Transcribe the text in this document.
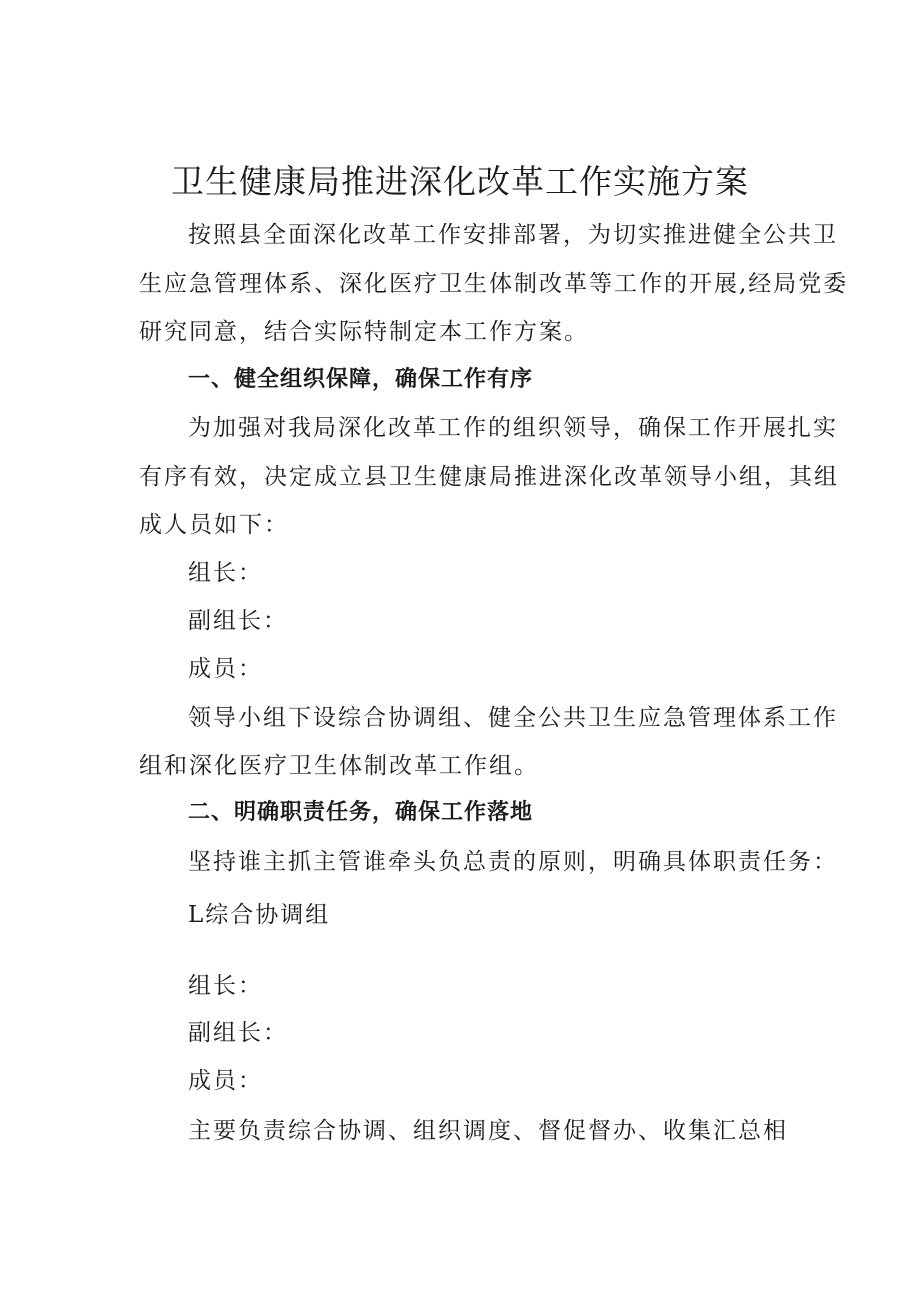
卫生健康局推进深化改革工作实施方案
按照县全面深化改革工作安排部署，为切实推进健全公共卫
生应急管理体系、深化医疗卫生体制改革等工作的开展,经局党委
研究同意，结合实际特制定本工作方案。
一、健全组织保障，确保工作有序
为加强对我局深化改革工作的组织领导，确保工作开展扎实
有序有效，决定成立县卫生健康局推进深化改革领导小组，其组
成人员如下：
组长：
副组长：
成员：
领导小组下设综合协调组、健全公共卫生应急管理体系工作
组和深化医疗卫生体制改革工作组。
二、明确职责任务，确保工作落地
坚持谁主抓主管谁牵头负总责的原则，明确具体职责任务：
L综合协调组
组长：
副组长：
成员：
主要负责综合协调、组织调度、督促督办、收集汇总相
